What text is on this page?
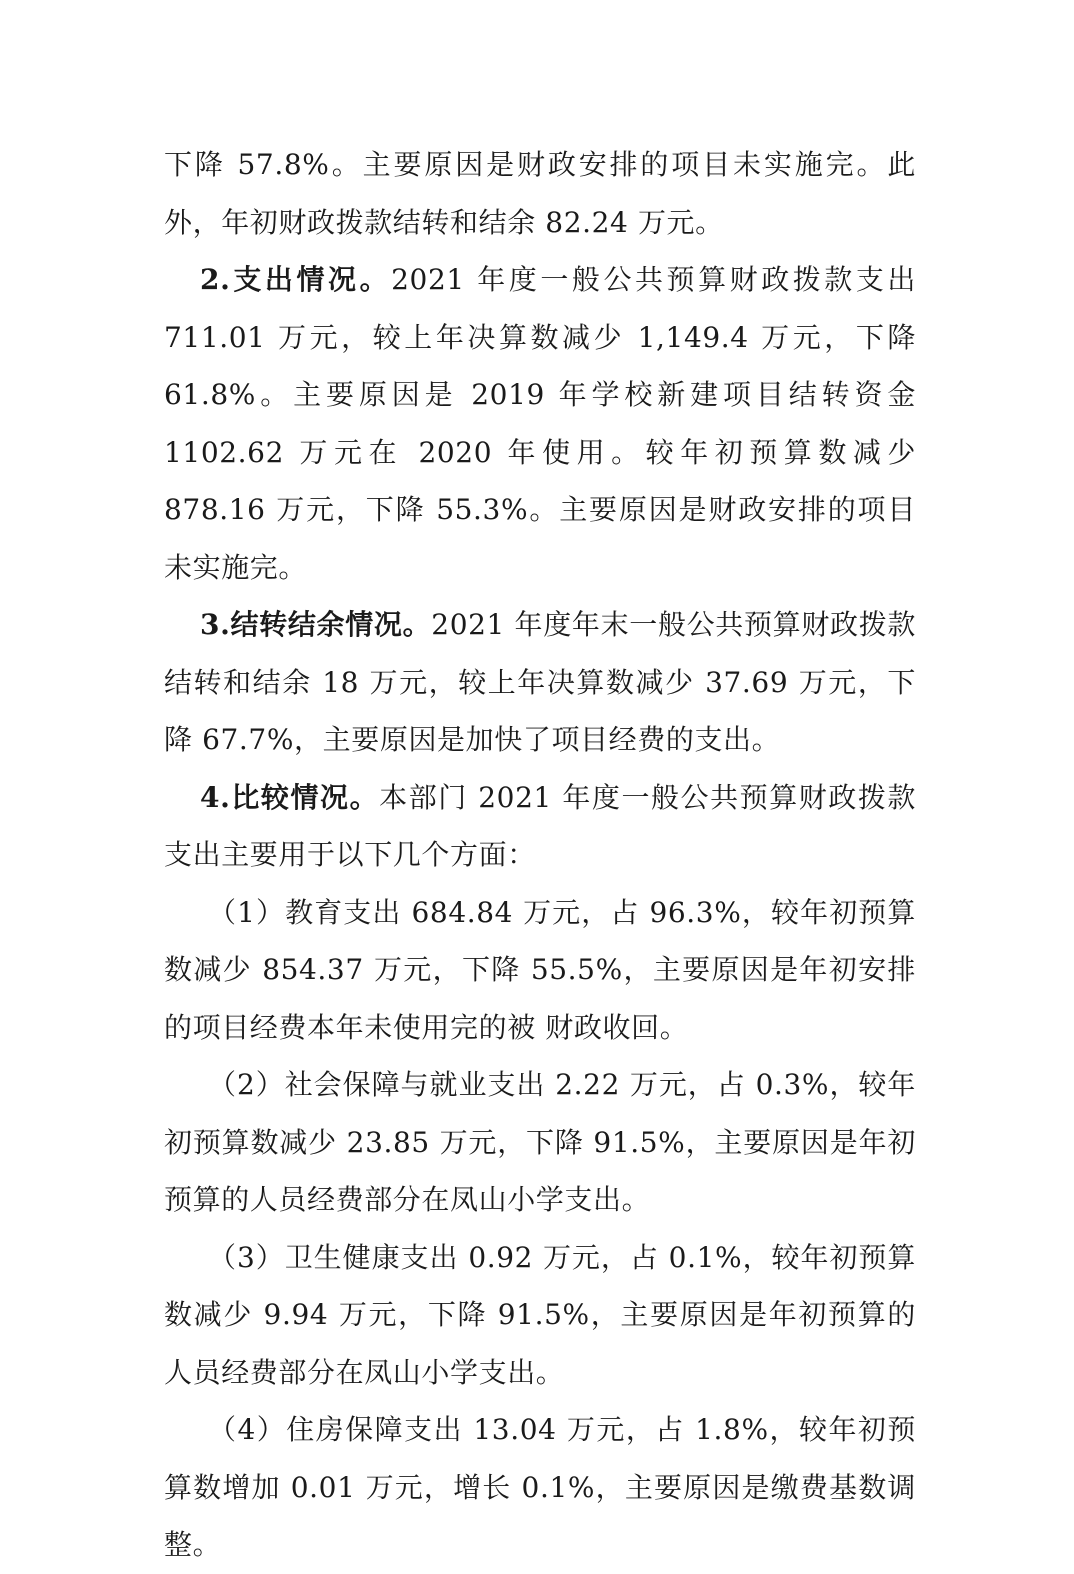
下降 57.8%。主要原因是财政安排的项目未实施完。此外，年初财政拨款结转和结余 82.24 万元。

2.支出情况。2021 年度一般公共预算财政拨款支出 711.01 万元，较上年决算数减少 1,149.4 万元，下降 61.8%。主要原因是 2019 年学校新建项目结转资金 1102.62 万元在 2020 年使用。较年初预算数减少 878.16 万元，下降 55.3%。主要原因是财政安排的项目未实施完。

3.结转结余情况。2021 年度年末一般公共预算财政拨款结转和结余 18 万元，较上年决算数减少 37.69 万元，下降 67.7%，主要原因是加快了项目经费的支出。

4.比较情况。本部门 2021 年度一般公共预算财政拨款支出主要用于以下几个方面：

（1）教育支出 684.84 万元，占 96.3%，较年初预算数减少 854.37 万元，下降 55.5%，主要原因是年初安排的项目经费本年未使用完的被 财政收回。

（2）社会保障与就业支出 2.22 万元，占 0.3%，较年初预算数减少 23.85 万元，下降 91.5%，主要原因是年初预算的人员经费部分在凤山小学支出。

（3）卫生健康支出 0.92 万元，占 0.1%，较年初预算数减少 9.94 万元，下降 91.5%，主要原因是年初预算的人员经费部分在凤山小学支出。

（4）住房保障支出 13.04 万元，占 1.8%，较年初预算数增加 0.01 万元，增长 0.1%，主要原因是缴费基数调整。
